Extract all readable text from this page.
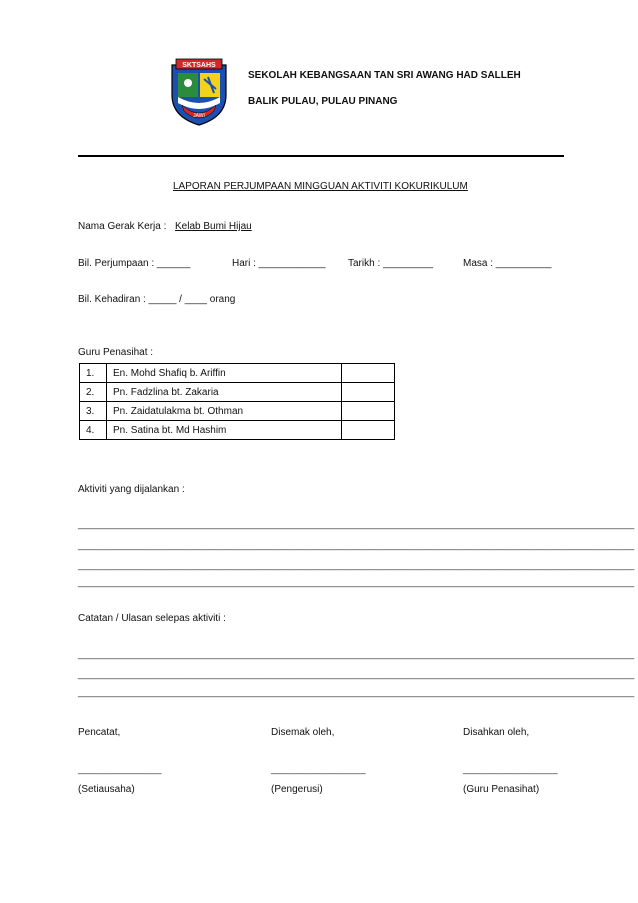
SKTSAHS
JAWI
SEKOLAH KEBANGSAAN TAN SRI AWANG HAD SALLEH
BALIK PULAU, PULAU PINANG
LAPORAN PERJUMPAAN MINGGUAN AKTIVITI KOKURIKULUM
Nama Gerak Kerja : Kelab Bumi Hijau
Bil. Perjumpaan : ______	Hari : ____________ Tarikh : _________	Masa : __________
Bil. Kehadiran : _____ / ____ orang
Guru Penasihat :
1.	En. Mohd Shafiq b. Ariffin	
2.	Pn. Fadzlina bt. Zakaria	
3.	Pn. Zaidatulakma bt. Othman	
4.	Pn. Satina bt. Md Hashim	
Aktiviti yang dijalankan :
____________________________________________________________________________________________________
____________________________________________________________________________________________________
____________________________________________________________________________________________________
____________________________________________________________________________________________________
Catatan / Ulasan selepas aktiviti :
____________________________________________________________________________________________________
____________________________________________________________________________________________________
____________________________________________________________________________________________________
Pencatat,	Disemak oleh,	Disahkan oleh,
_______________	_________________	_________________
(Setiausaha)	(Pengerusi)	(Guru Penasihat)
